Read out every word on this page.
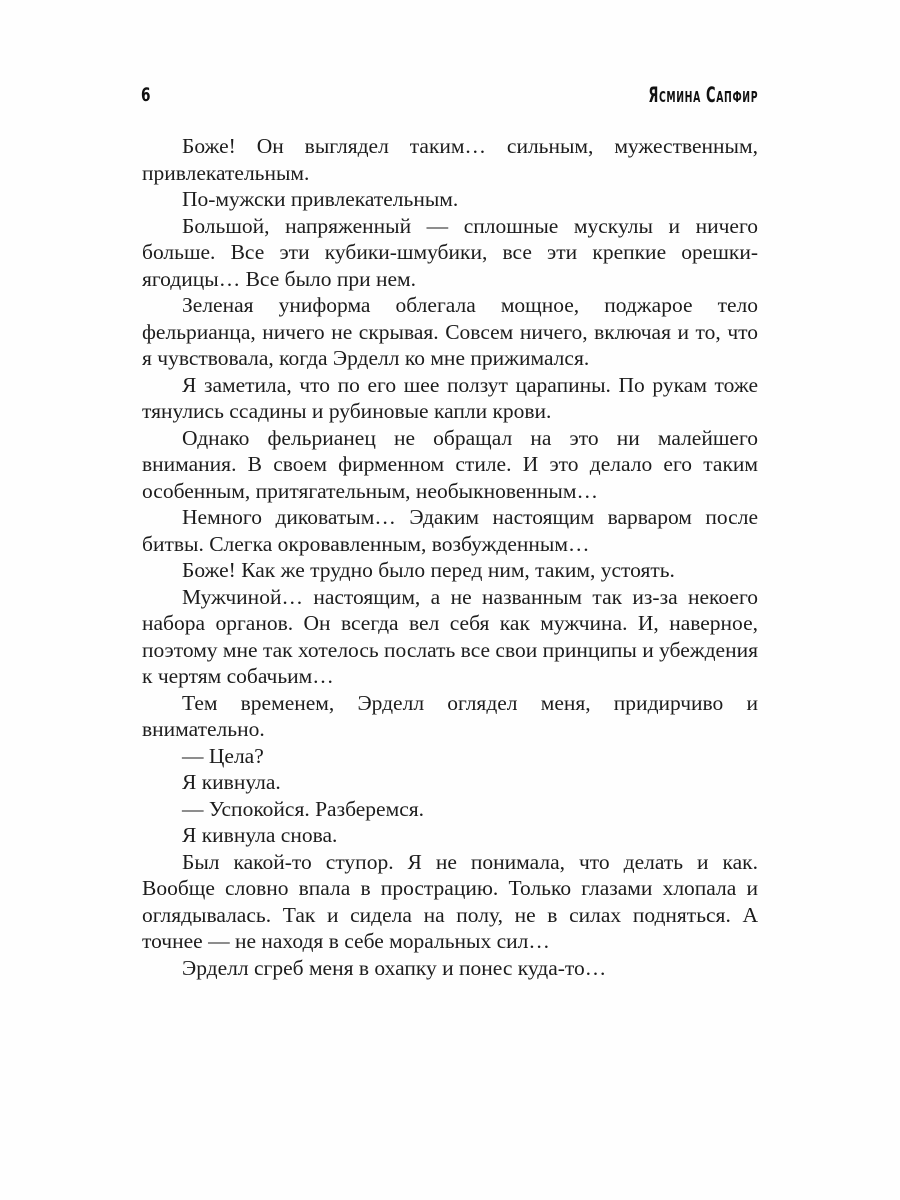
6	Ясмина Сапфир

Боже! Он выглядел таким… сильным, мужественным, привлекательным.

По-мужски привлекательным.

Большой, напряженный — сплошные мускулы и ничего больше. Все эти кубики-шмубики, все эти крепкие орешки-ягодицы… Все было при нем.

Зеленая униформа облегала мощное, поджарое тело фельрианца, ничего не скрывая. Совсем ничего, включая и то, что я чувствовала, когда Эрделл ко мне прижимался.

Я заметила, что по его шее ползут царапины. По рукам тоже тянулись ссадины и рубиновые капли крови.

Однако фельрианец не обращал на это ни малейшего внимания. В своем фирменном стиле. И это делало его таким особенным, притягательным, необыкновенным…

Немного диковатым… Эдаким настоящим варваром после битвы. Слегка окровавленным, возбужденным…

Боже! Как же трудно было перед ним, таким, устоять.

Мужчиной… настоящим, а не названным так из-за некоего набора органов. Он всегда вел себя как мужчина. И, наверное, поэтому мне так хотелось послать все свои принципы и убеждения к чертям собачьим…

Тем временем, Эрделл оглядел меня, придирчиво и внимательно.

— Цела?

Я кивнула.

— Успокойся. Разберемся.

Я кивнула снова.

Был какой-то ступор. Я не понимала, что делать и как. Вообще словно впала в прострацию. Только глазами хлопала и оглядывалась. Так и сидела на полу, не в силах подняться. А точнее — не находя в себе моральных сил…

Эрделл сгреб меня в охапку и понес куда-то…
